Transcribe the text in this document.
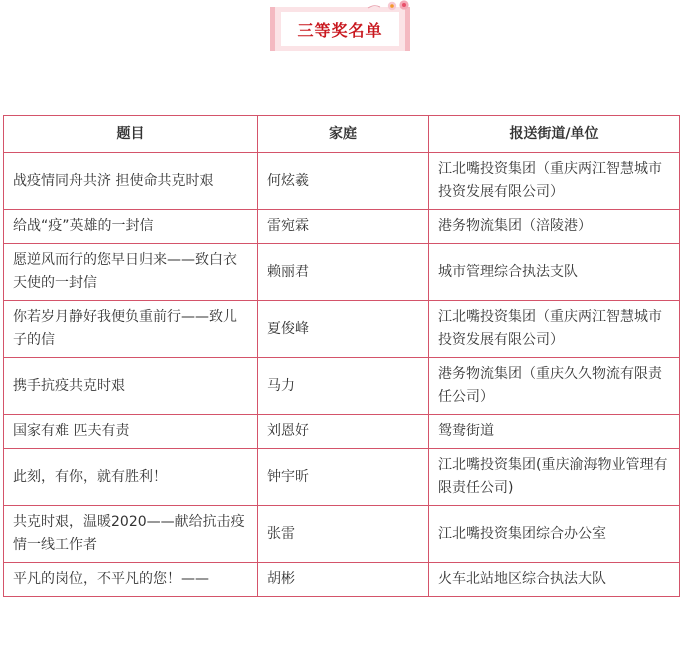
三等奖名单
题目	家庭	报送街道/单位
战疫情同舟共济 担使命共克时艰	何炫羲	江北嘴投资集团（重庆两江智慧城市投资发展有限公司）
给战“疫”英雄的一封信	雷宛霖	港务物流集团（涪陵港）
愿逆风而行的您早日归来——致白衣天使的一封信	赖丽君	城市管理综合执法支队
你若岁月静好我便负重前行——致儿子的信	夏俊峰	江北嘴投资集团（重庆两江智慧城市投资发展有限公司）
携手抗疫共克时艰	马力	港务物流集团（重庆久久物流有限责任公司）
国家有难 匹夫有责	刘恩好	鸳鸯街道
此刻，有你，就有胜利！	钟宇昕	江北嘴投资集团(重庆渝海物业管理有限责任公司)
共克时艰，温暖2020——献给抗击疫情一线工作者	张雷	江北嘴投资集团综合办公室
平凡的岗位，不平凡的您！——	胡彬	火车北站地区综合执法大队
